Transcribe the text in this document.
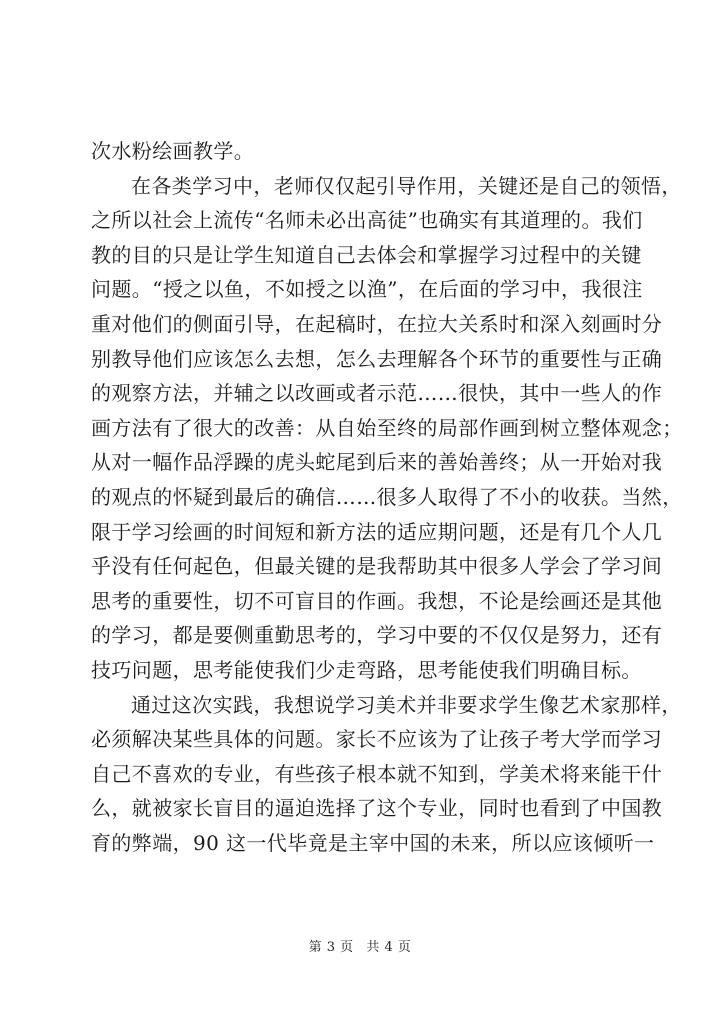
次水粉绘画教学。
在各类学习中，老师仅仅起引导作用，关键还是自己的领悟，
之所以社会上流传“名师未必出高徒”也确实有其道理的。我们
教的目的只是让学生知道自己去体会和掌握学习过程中的关键
问题。“授之以鱼，不如授之以渔”，在后面的学习中，我很注
重对他们的侧面引导，在起稿时，在拉大关系时和深入刻画时分
别教导他们应该怎么去想，怎么去理解各个环节的重要性与正确
的观察方法，并辅之以改画或者示范……很快，其中一些人的作
画方法有了很大的改善：从自始至终的局部作画到树立整体观念；
从对一幅作品浮躁的虎头蛇尾到后来的善始善终；从一开始对我
的观点的怀疑到最后的确信……很多人取得了不小的收获。当然，
限于学习绘画的时间短和新方法的适应期问题，还是有几个人几
乎没有任何起色，但最关键的是我帮助其中很多人学会了学习间
思考的重要性，切不可盲目的作画。我想，不论是绘画还是其他
的学习，都是要侧重勤思考的，学习中要的不仅仅是努力，还有
技巧问题，思考能使我们少走弯路，思考能使我们明确目标。
通过这次实践，我想说学习美术并非要求学生像艺术家那样，
必须解决某些具体的问题。家长不应该为了让孩子考大学而学习
自己不喜欢的专业，有些孩子根本就不知到，学美术将来能干什
么，就被家长盲目的逼迫选择了这个专业，同时也看到了中国教
育的弊端，90 这一代毕竟是主宰中国的未来，所以应该倾听一
第 3 页 共 4 页
